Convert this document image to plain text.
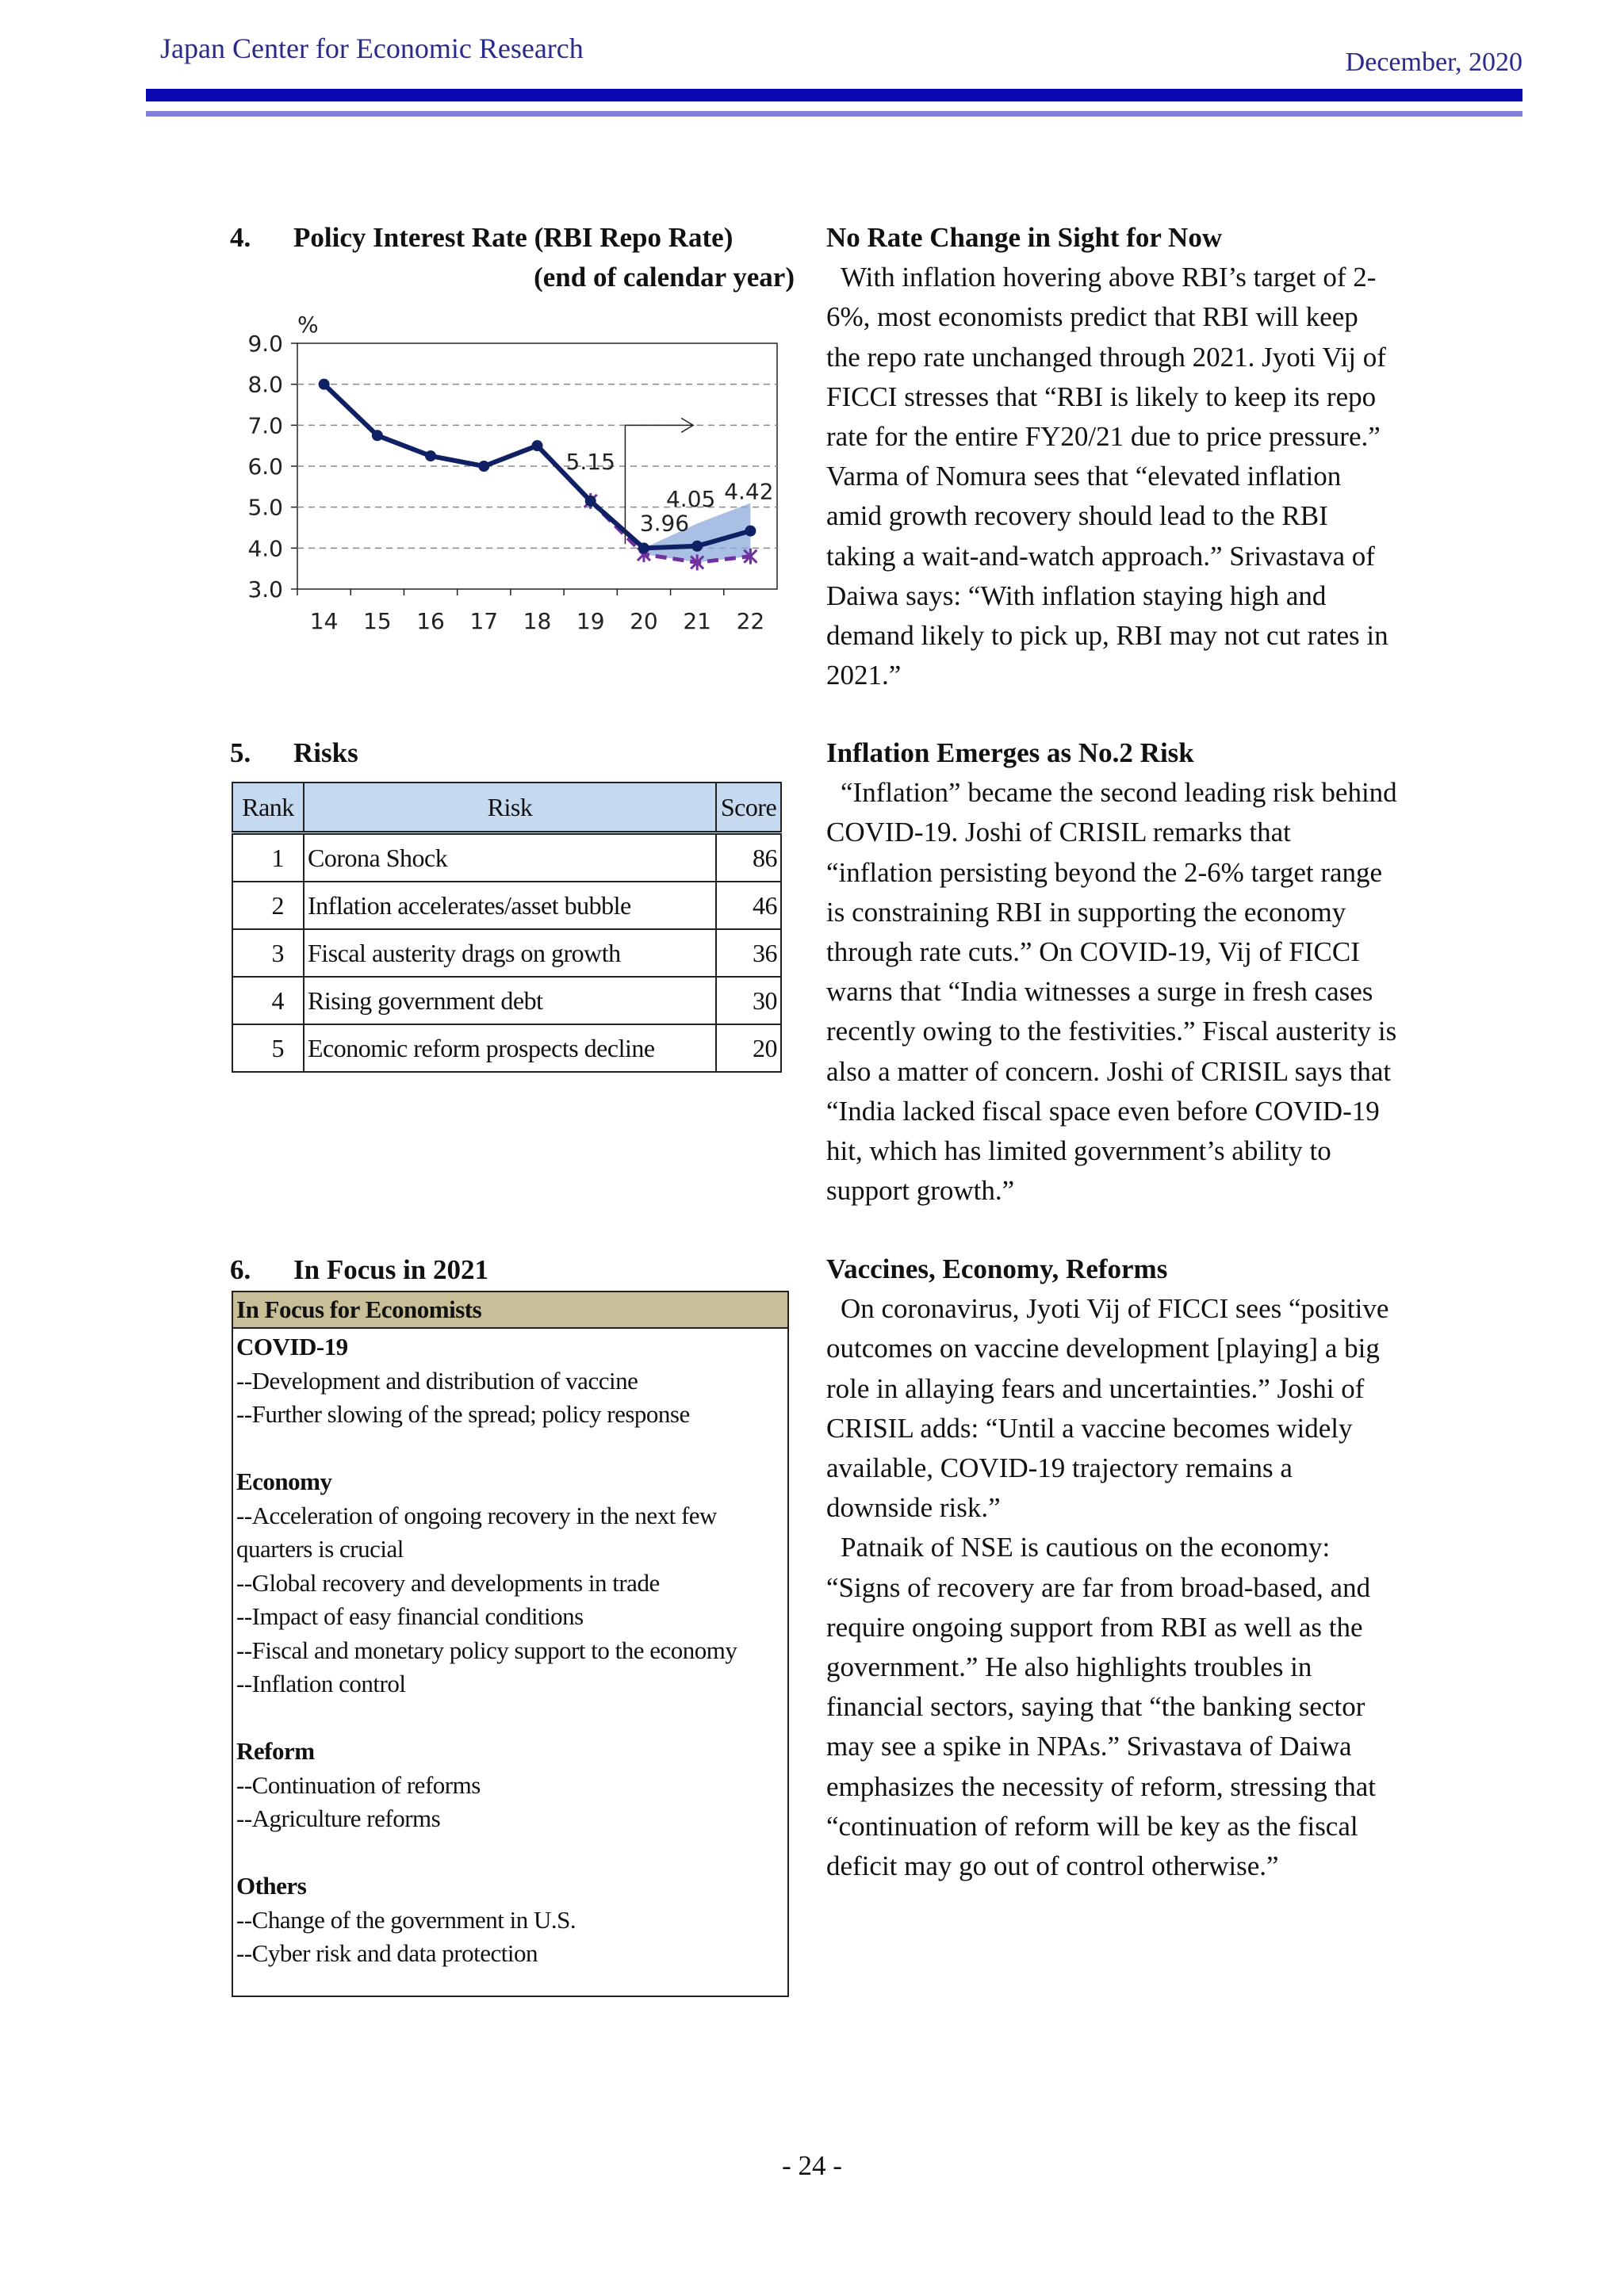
Japan Center for Economic Research	December, 2020
4. Policy Interest Rate (RBI Repo Rate)
(end of calendar year)
9.0
8.0
7.0
6.0
5.0
4.0
3.0
14 15 16 17 18 19 20 21 22
5.15
4.05 4.42
3.96
%
5. Risks
Rank	Risk	Score
1	Corona Shock	86
2	Inflation accelerates/asset bubble	46
3	Fiscal austerity drags on growth	36
4	Rising government debt	30
5	Economic reform prospects decline	20
6. In Focus in 2021
In Focus for Economists
COVID-19
--Development and distribution of vaccine
--Further slowing of the spread; policy response
Economy
--Acceleration of ongoing recovery in the next few quarters is crucial
--Global recovery and developments in trade
--Impact of easy financial conditions
--Fiscal and monetary policy support to the economy
--Inflation control
Reform
--Continuation of reforms
--Agriculture reforms
Others
--Change of the government in U.S.
--Cyber risk and data protection
No Rate Change in Sight for Now

With inflation hovering above RBI’s target of 2-6%, most economists predict that RBI will keep the repo rate unchanged through 2021. Jyoti Vij of FICCI stresses that “RBI is likely to keep its repo rate for the entire FY20/21 due to price pressure.” Varma of Nomura sees that “elevated inflation amid growth recovery should lead to the RBI taking a wait-and-watch approach.” Srivastava of Daiwa says: “With inflation staying high and demand likely to pick up, RBI may not cut rates in 2021.”

Inflation Emerges as No.2 Risk

“Inflation” became the second leading risk behind COVID-19. Joshi of CRISIL remarks that “inflation persisting beyond the 2-6% target range is constraining RBI in supporting the economy through rate cuts.” On COVID-19, Vij of FICCI warns that “India witnesses a surge in fresh cases recently owing to the festivities.” Fiscal austerity is also a matter of concern. Joshi of CRISIL says that “India lacked fiscal space even before COVID-19 hit, which has limited government’s ability to support growth.”

Vaccines, Economy, Reforms

On coronavirus, Jyoti Vij of FICCI sees “positive outcomes on vaccine development [playing] a big role in allaying fears and uncertainties.” Joshi of CRISIL adds: “Until a vaccine becomes widely available, COVID-19 trajectory remains a downside risk.”

Patnaik of NSE is cautious on the economy: “Signs of recovery are far from broad-based, and require ongoing support from RBI as well as the government.” He also highlights troubles in financial sectors, saying that “the banking sector may see a spike in NPAs.” Srivastava of Daiwa emphasizes the necessity of reform, stressing that “continuation of reform will be key as the fiscal deficit may go out of control otherwise.”

- 24 -
